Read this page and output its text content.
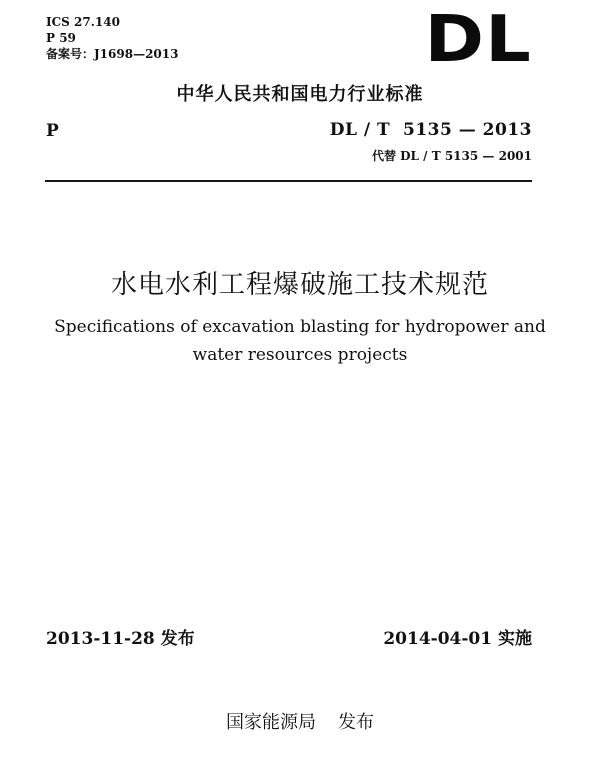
ICS 27.140
P 59
备案号：J1698—2013	DL
中华人民共和国电力行业标准
P	DL / T  5135 — 2013
代替 DL / T 5135 — 2001
水电水利工程爆破施工技术规范
Specifications of excavation blasting for hydropower and
water resources projects
2013-11-28 发布	2014-04-01 实施
国家能源局 发布
